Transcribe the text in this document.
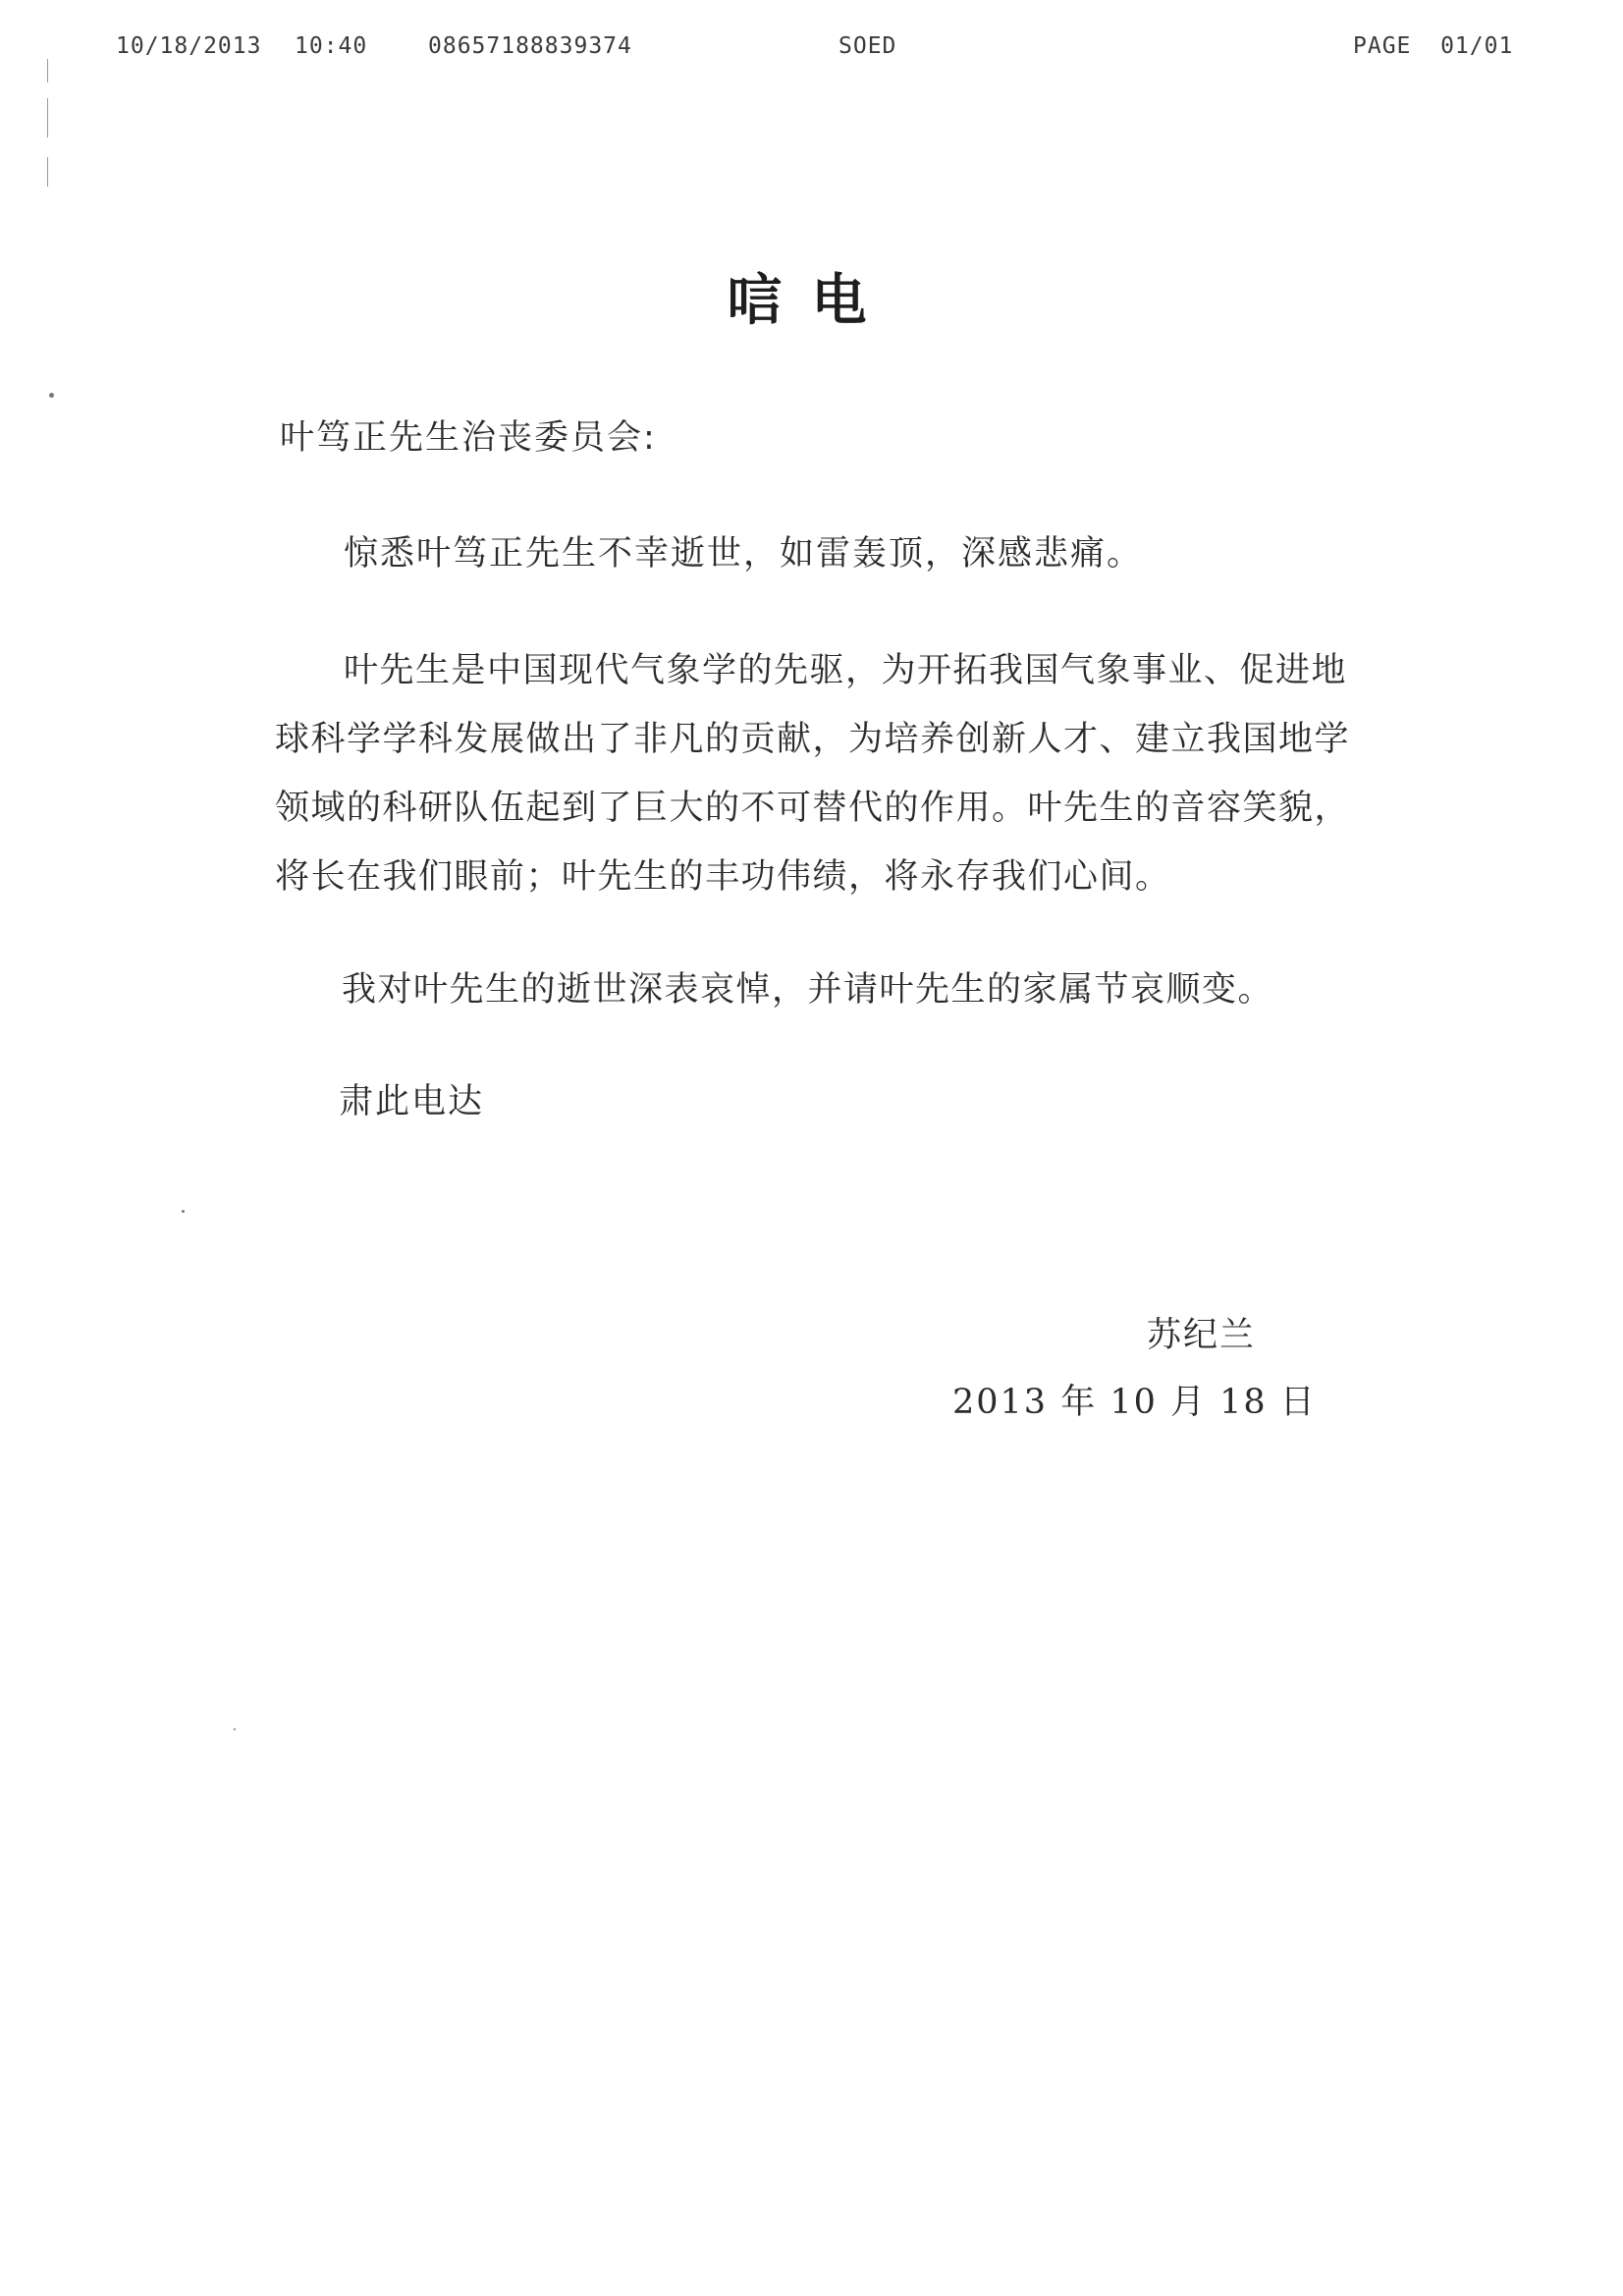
10/18/2013 10:40	08657188839374	SOED	PAGE  01/01
唁电
叶笃正先生治丧委员会:
惊悉叶笃正先生不幸逝世，如雷轰顶，深感悲痛。
叶先生是中国现代气象学的先驱，为开拓我国气象事业、促进地
球科学学科发展做出了非凡的贡献，为培养创新人才、建立我国地学
领域的科研队伍起到了巨大的不可替代的作用。叶先生的音容笑貌，
将长在我们眼前；叶先生的丰功伟绩，将永存我们心间。
我对叶先生的逝世深表哀悼，并请叶先生的家属节哀顺变。
肃此电达
苏纪兰
2013 年 10 月 18 日
